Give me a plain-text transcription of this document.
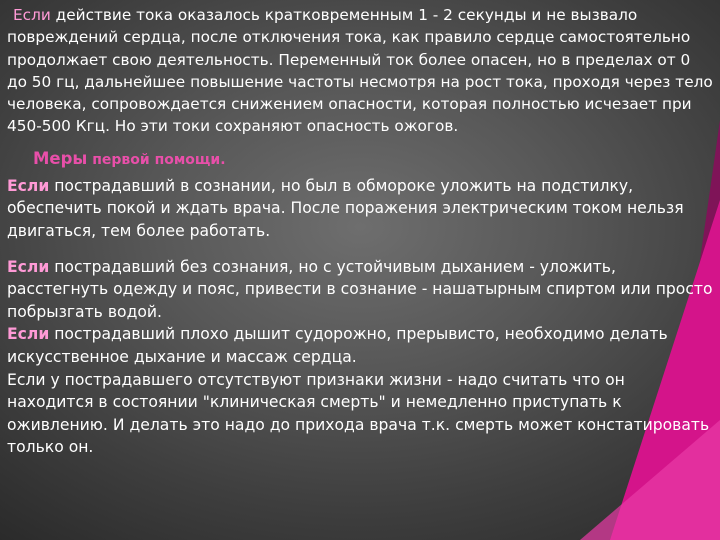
Если действие тока оказалось кратковременным 1 - 2 секунды и не вызвало повреждений сердца, после отключения тока, как правило сердце самостоятельно продолжает свою деятельность. Переменный ток более опасен, но в пределах от 0 до 50 гц, дальнейшее повышение частоты несмотря на рост тока, проходя через тело человека, сопровождается снижением опасности, которая полностью исчезает при 450-500 Кгц. Но эти токи сохраняют опасность ожогов.

Меры первой помощи.

Если пострадавший в сознании, но был в обмороке уложить на подстилку, обеспечить покой и ждать врача. После поражения электрическим током нельзя двигаться, тем более работать.

Если пострадавший без сознания, но с устойчивым дыханием - уложить, расстегнуть одежду и пояс, привести в сознание - нашатырным спиртом или просто побрызгать водой.

Если пострадавший плохо дышит судорожно, прерывисто, необходимо делать искусственное дыхание и массаж сердца.

Если у пострадавшего отсутствуют признаки жизни - надо считать что он находится в состоянии "клиническая смерть" и немедленно приступать к оживлению. И делать это надо до прихода врача т.к. смерть может констатировать только он.
